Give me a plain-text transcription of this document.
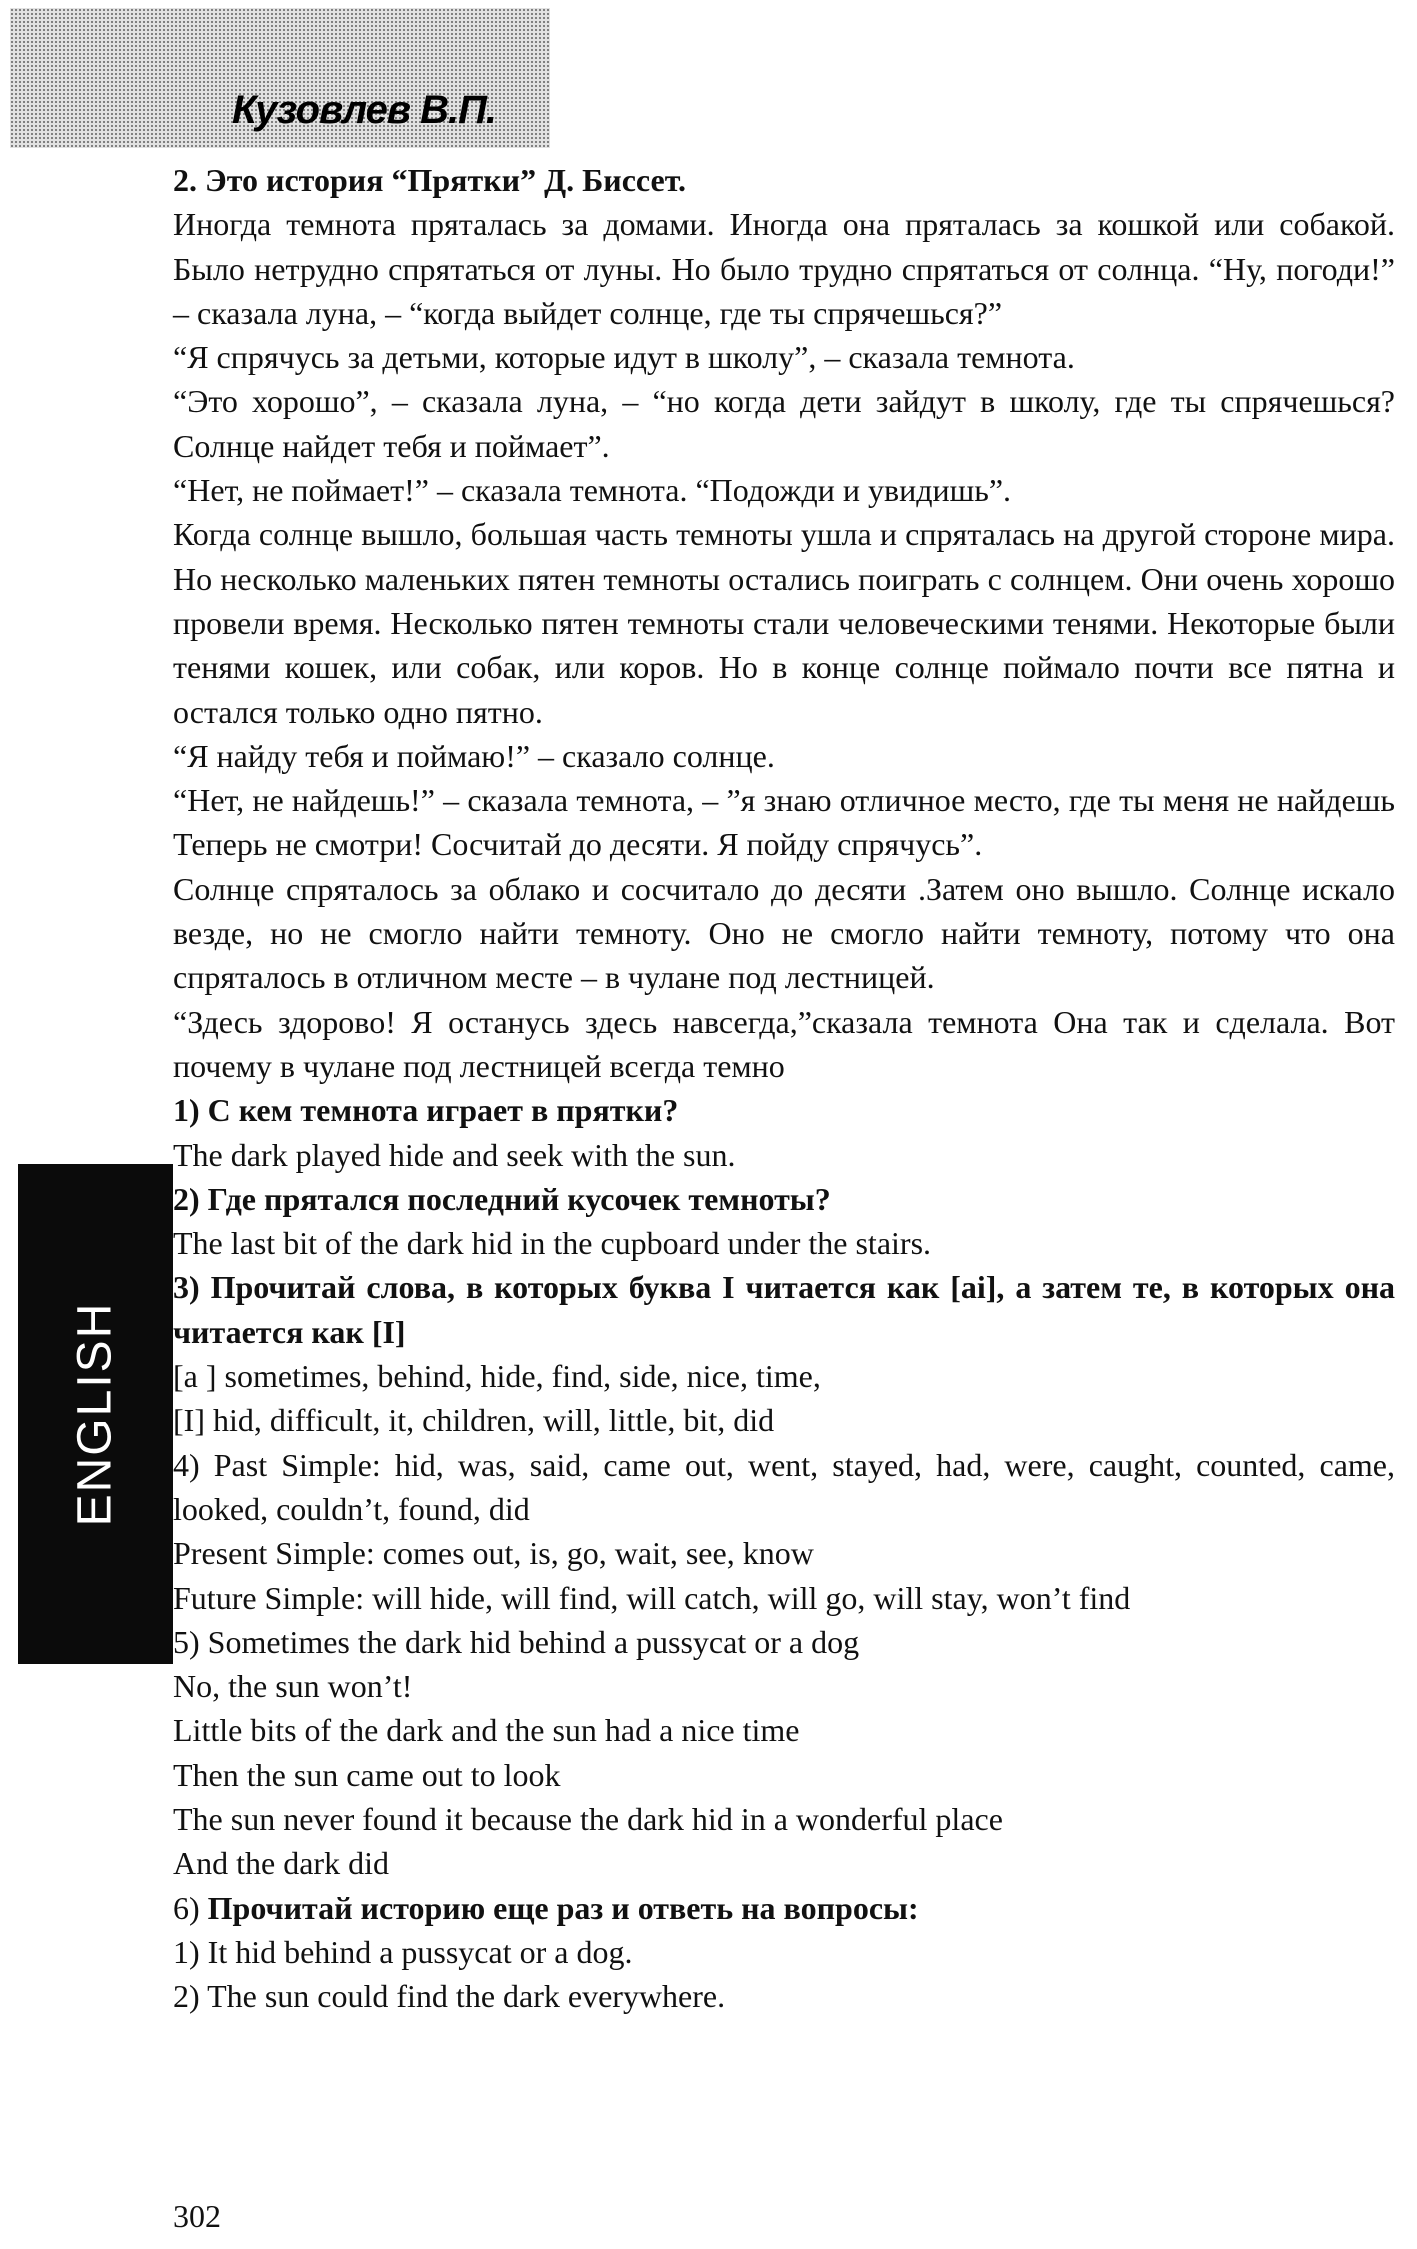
Кузовлев В.П.
ENGLISH

2. Это история “Прятки” Д. Биссет.

Иногда темнота пряталась за домами. Иногда она пряталась за кошкой или собакой. Было нетрудно спрятаться от луны. Но было трудно спрятаться от солнца. “Ну, погоди!” – сказала луна, – “когда выйдет солнце, где ты спрячешься?”

“Я спрячусь за детьми, которые идут в школу”, – сказала темнота.

“Это хорошо”, – сказала луна, – “но когда дети зайдут в школу, где ты спрячешься? Солнце найдет тебя и поймает”.

“Нет, не поймает!” – сказала темнота. “Подожди и увидишь”.

Когда солнце вышло, большая часть темноты ушла и спряталась на другой стороне мира. Но несколько маленьких пятен темноты остались поиграть с солнцем. Они очень хорошо провели время. Несколько пятен темноты стали человеческими тенями. Некоторые были тенями кошек, или собак, или коров. Но в конце солнце поймало почти все пятна и остался только одно пятно.

“Я найду тебя и поймаю!” – сказало солнце.

“Нет, не найдешь!” – сказала темнота, – ”я знаю отличное место, где ты меня не найдешь Теперь не смотри! Сосчитай до десяти. Я пойду спрячусь”.

Солнце спряталось за облако и сосчитало до десяти .Затем оно вышло. Солнце искало везде, но не смогло найти темноту. Оно не смогло найти темноту, потому что она спряталось в отличном месте – в чулане под лестницей.

“Здесь здорово! Я останусь здесь навсегда,”сказала темнота Она так и сделала. Вот почему в чулане под лестницей всегда темно

1) С кем темнота играет в прятки?

The dark played hide and seek with the sun.

2) Где прятался последний кусочек темноты?

The last bit of the dark hid in the cupboard under the stairs.

3) Прочитай слова, в которых буква I читается как [ai], а затем те, в которых она читается как [I]

[a ] sometimes, behind, hide, find, side, nice, time,

[I] hid, difficult, it, children, will, little, bit, did

4) Past Simple: hid, was, said, came out, went, stayed, had, were, caught, counted, came, looked, couldn’t, found, did

Present Simple: comes out, is, go, wait, see, know

Future Simple: will hide, will find, will catch, will go, will stay, won’t find

5) Sometimes the dark hid behind a pussycat or a dog

No, the sun won’t!

Little bits of the dark and the sun had a nice time

Then the sun came out to look

The sun never found it because the dark hid in a wonderful place

And the dark did

6) Прочитай историю еще раз и ответь на вопросы:

1) It hid behind a pussycat or a dog.

2) The sun could find the dark everywhere.

302
